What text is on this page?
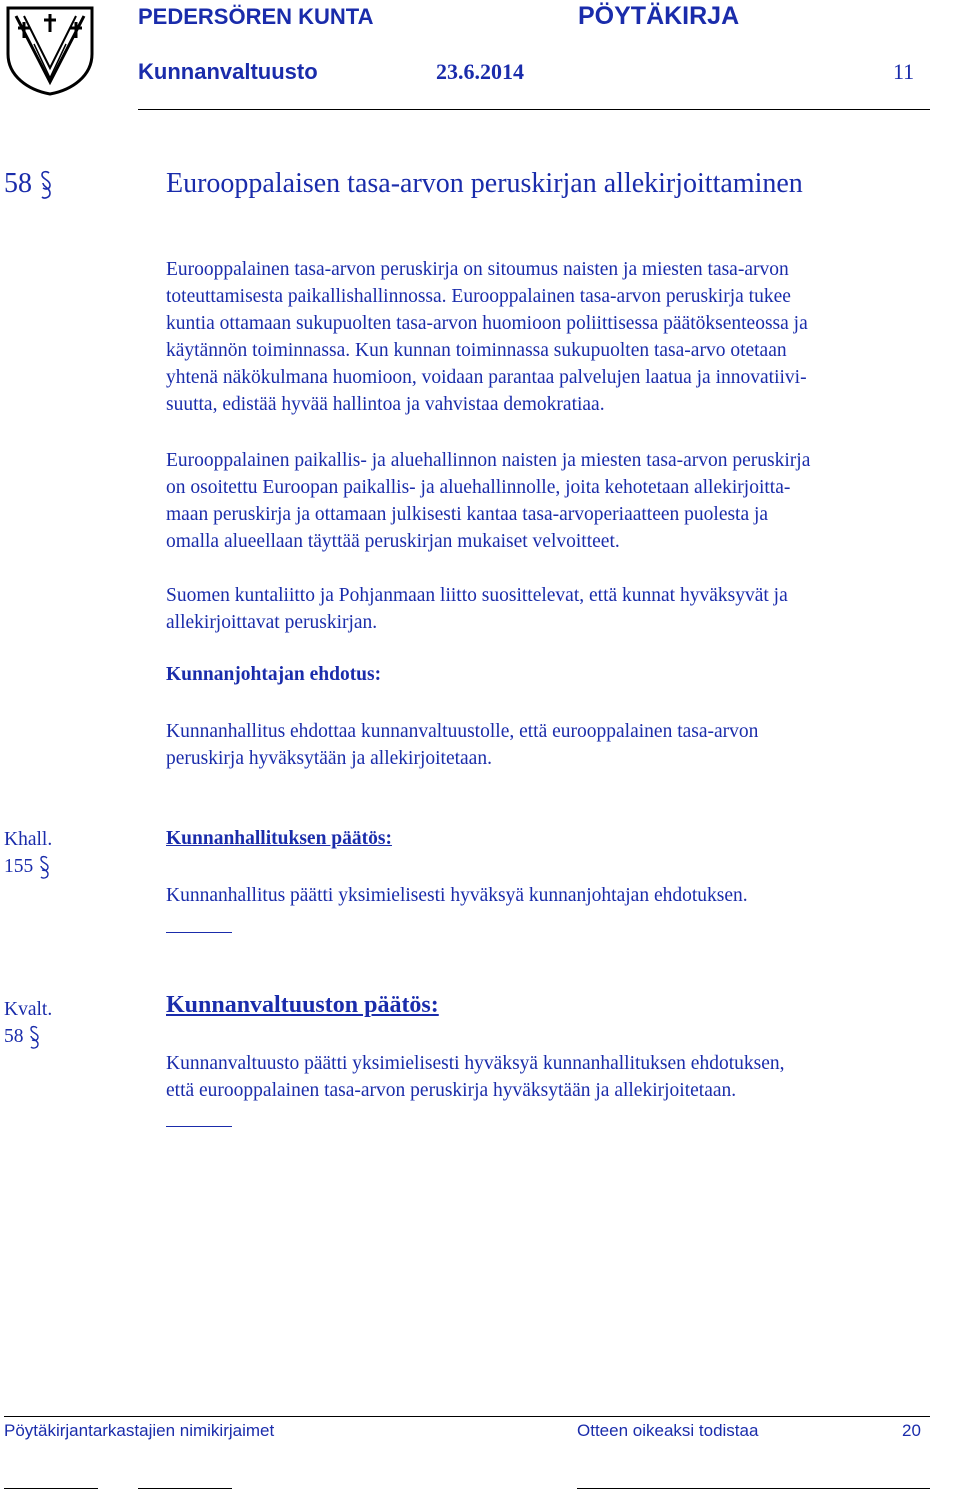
PEDERSÖREN KUNTA	PÖYTÄKIRJA
Kunnanvaltuusto	23.6.2014	11
58	Eurooppalaisen tasa-arvon peruskirjan allekirjoittaminen
Eurooppalainen tasa-arvon peruskirja on sitoumus naisten ja miesten tasa-arvon
toteuttamisesta paikallishallinnossa. Eurooppalainen tasa-arvon peruskirja tukee
kuntia ottamaan sukupuolten tasa-arvon huomioon poliittisessa päätöksenteossa ja
käytännön toiminnassa. Kun kunnan toiminnassa sukupuolten tasa-arvo otetaan
yhtenä näkökulmana huomioon, voidaan parantaa palvelujen laatua ja innovatiivi-
suutta, edistää hyvää hallintoa ja vahvistaa demokratiaa.
Eurooppalainen paikallis- ja aluehallinnon naisten ja miesten tasa-arvon peruskirja
on osoitettu Euroopan paikallis- ja aluehallinnolle, joita kehotetaan allekirjoitta-
maan peruskirja ja ottamaan julkisesti kantaa tasa-arvoperiaatteen puolesta ja
omalla alueellaan täyttää peruskirjan mukaiset velvoitteet.
Suomen kuntaliitto ja Pohjanmaan liitto suosittelevat, että kunnat hyväksyvät ja
allekirjoittavat peruskirjan.
Kunnanjohtajan ehdotus:
Kunnanhallitus ehdottaa kunnanvaltuustolle, että eurooppalainen tasa-arvon
peruskirja hyväksytään ja allekirjoitetaan.
Khall.
155
Kunnanhallituksen päätös:
Kunnanhallitus päätti yksimielisesti hyväksyä kunnanjohtajan ehdotuksen.
Kvalt.
58
Kunnanvaltuuston päätös:
Kunnanvaltuusto päätti yksimielisesti hyväksyä kunnanhallituksen ehdotuksen,
että eurooppalainen tasa-arvon peruskirja hyväksytään ja allekirjoitetaan.
Pöytäkirjantarkastajien nimikirjaimet	Otteen oikeaksi todistaa	20
